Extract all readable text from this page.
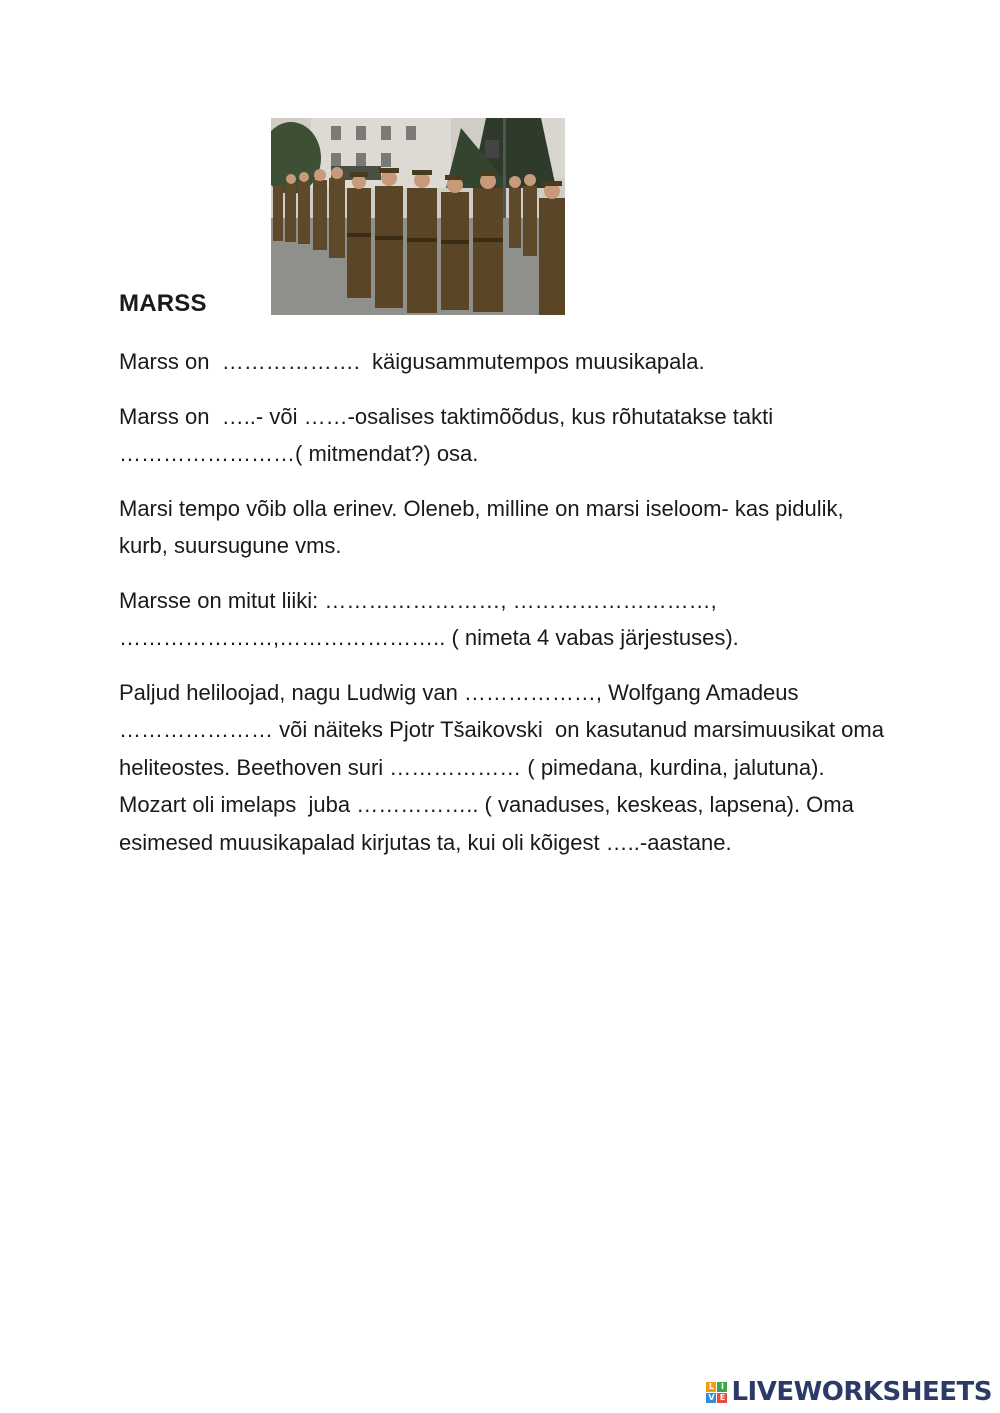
MARSS

Marss on  ……………….  käigusammutempos muusikapala.

Marss on  …..- või ……-osalises taktimõõdus, kus rõhutatakse takti ……………………( mitmendat?) osa.

Marsi tempo võib olla erinev. Oleneb, milline on marsi iseloom- kas pidulik, kurb, suursugune vms.

Marsse on mitut liiki: ……………………, ………………………, …………………,………………….. ( nimeta 4 vabas järjestuses).

Paljud heliloojad, nagu Ludwig van ………………, Wolfgang Amadeus ………………… või näiteks Pjotr Tšaikovski  on kasutanud marsimuusikat oma heliteostes. Beethoven suri ……………… ( pimedana, kurdina, jalutuna). Mozart oli imelaps  juba …………….. ( vanaduses, keskeas, lapsena). Oma esimesed muusikapalad kirjutas ta, kui oli kõigest …..-aastane.

L I
V E LIVEWORKSHEETS
